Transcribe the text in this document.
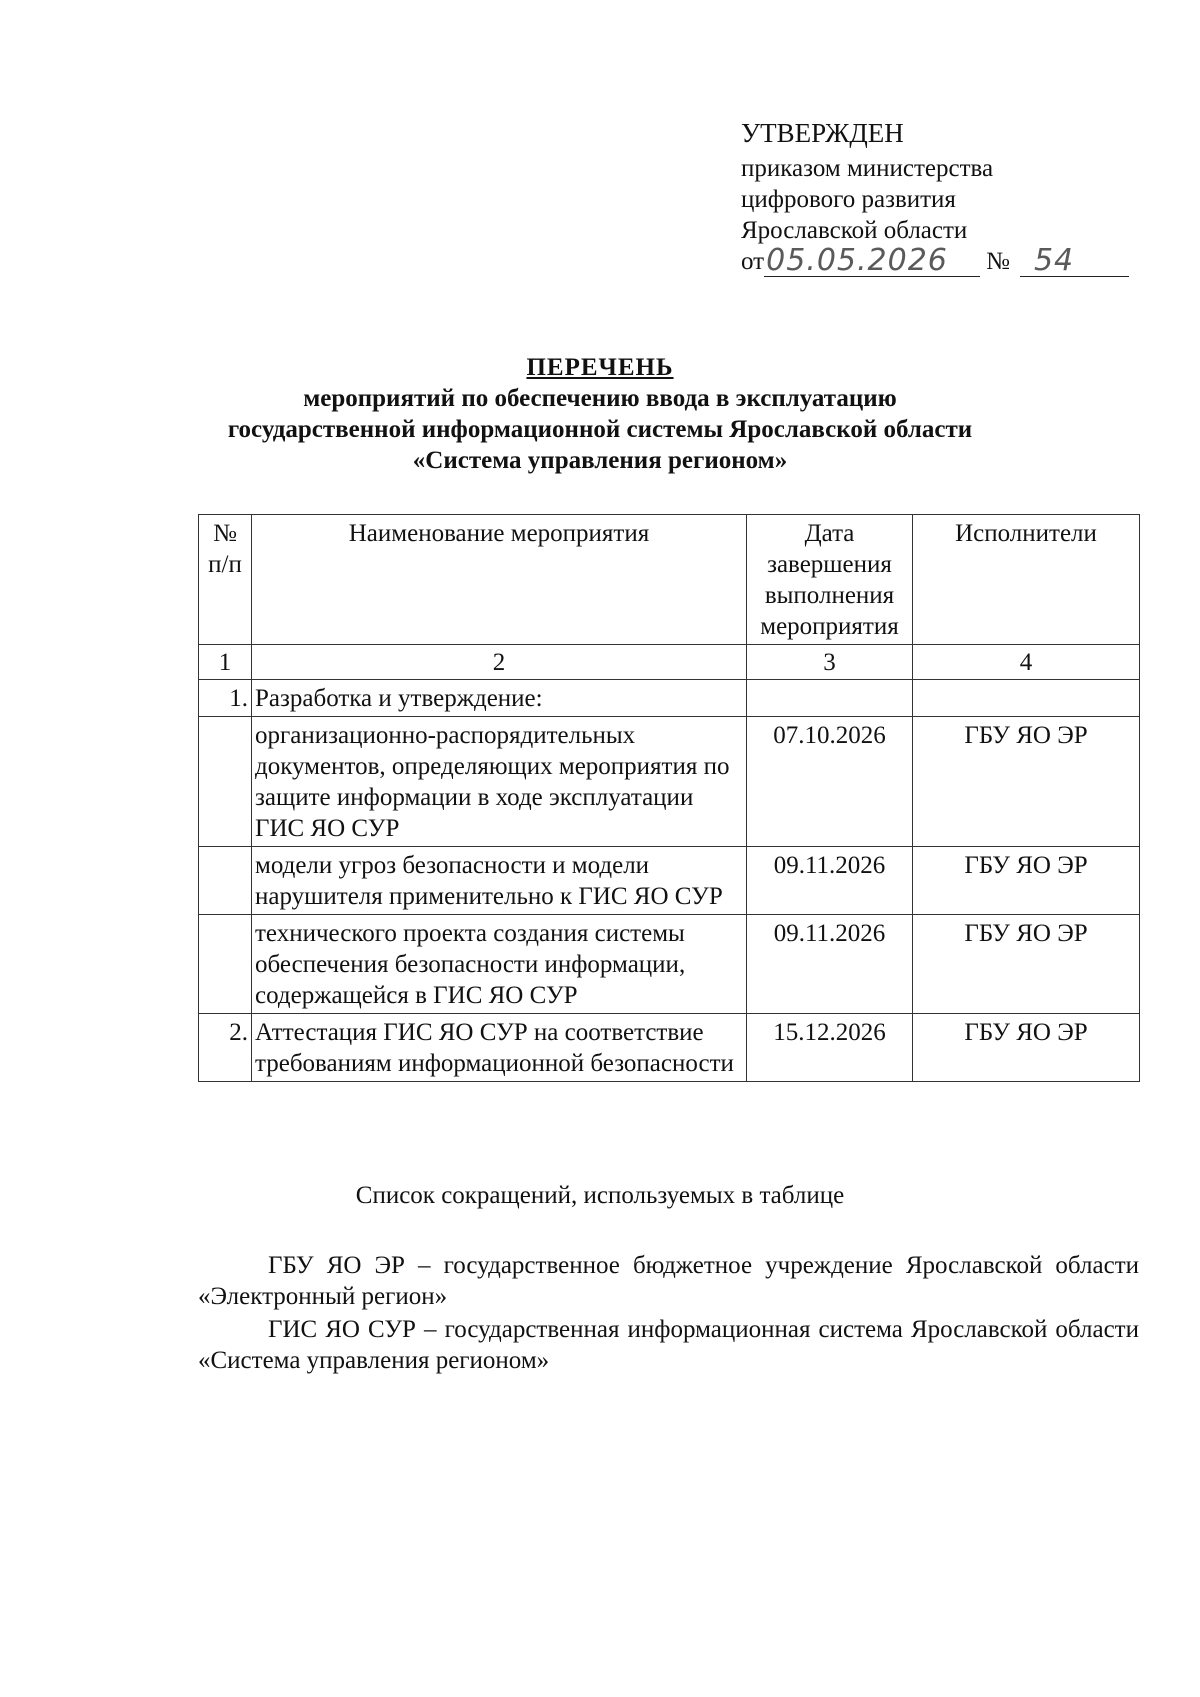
УТВЕРЖДЕН
приказом министерства
цифрового развития
Ярославской области
от 05.05.2026	№ 54
ПЕРЕЧЕНЬ
мероприятий по обеспечению ввода в эксплуатацию
государственной информационной системы Ярославской области
«Система управления регионом»
№ п/п	Наименование мероприятия	Дата завершения выполнения мероприятия	Исполнители
1	2	3	4
1.	Разработка и утверждение:		
	организационно-распорядительных документов, определяющих мероприятия по защите информации в ходе эксплуатации ГИС ЯО СУР	07.10.2026	ГБУ ЯО ЭР
	модели угроз безопасности и модели нарушителя применительно к ГИС ЯО СУР	09.11.2026	ГБУ ЯО ЭР
	технического проекта создания системы обеспечения безопасности информации, содержащейся в ГИС ЯО СУР	09.11.2026	ГБУ ЯО ЭР
2.	Аттестация ГИС ЯО СУР на соответствие требованиям информационной безопасности	15.12.2026	ГБУ ЯО ЭР
Список сокращений, используемых в таблице

ГБУ ЯО ЭР – государственное бюджетное учреждение Ярославской области «Электронный регион»

ГИС ЯО СУР – государственная информационная система Ярославской области «Система управления регионом»
